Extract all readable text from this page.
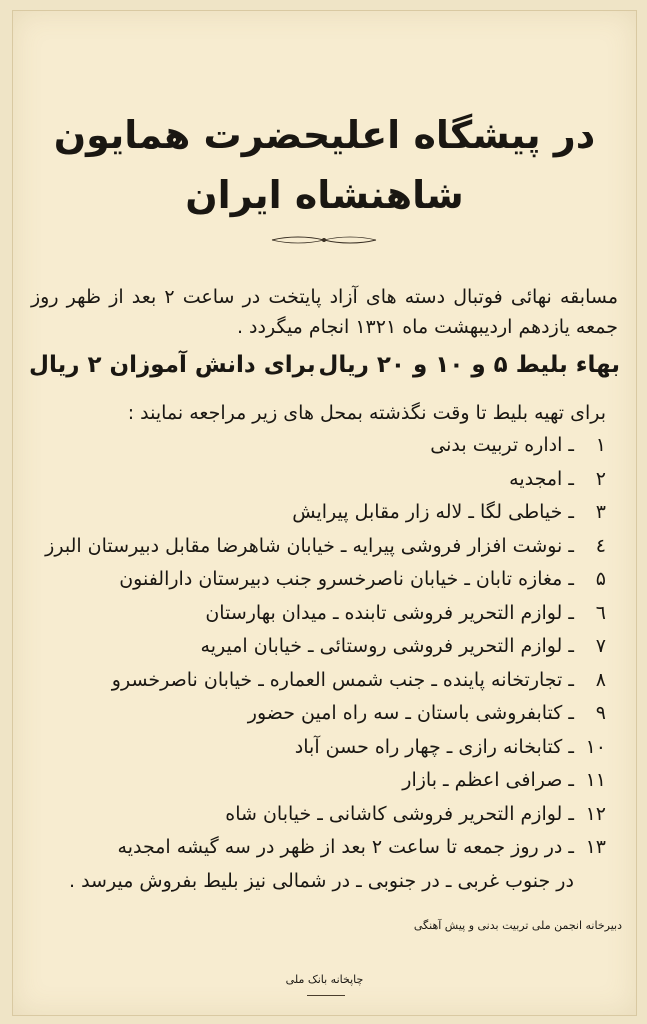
در پیشگاه اعلیحضرت همایون
شاهنشاه ایران

مسابقه نهائی فوتبال دسته های آزاد پایتخت در ساعت ۲ بعد از ظهر روز جمعه یازدهم اردیبهشت ماه ۱۳۲۱ انجام میگردد .

بهاء بلیط ۵ و ۱۰ و ۲۰ ریال
برای دانش آموزان ۲ ریال
برای تهیه بلیط تا وقت نگذشته بمحل های زیر مراجعه نمایند :
۱ ـ اداره تربیت بدنی
۲ ـ امجدیه
۳ ـ خیاطی لگا ـ لاله زار مقابل پیرایش
٤ ـ نوشت افزار فروشی پیرایه ـ خیابان شاهرضا مقابل دبیرستان البرز
۵ ـ مغازه تابان ـ خیابان ناصرخسرو جنب دبیرستان دارالفنون
٦ ـ لوازم التحریر فروشی تابنده ـ میدان بهارستان
۷ ـ لوازم التحریر فروشی روستائی ـ خیابان امیریه
۸ ـ تجارتخانه پاینده ـ جنب شمس العماره ـ خیابان ناصرخسرو
۹ ـ کتابفروشی باستان ـ سه راه امین حضور
۱۰ ـ کتابخانه رازی ـ چهار راه حسن آباد
۱۱ ـ صرافی اعظم ـ بازار
۱۲ ـ لوازم التحریر فروشی کاشانی ـ خیابان شاه
۱۳ ـ در روز جمعه تا ساعت ۲ بعد از ظهر در سه گیشه امجدیه
در جنوب غربی ـ در جنوبی ـ در شمالی نیز بلیط بفروش میرسد .
دبیرخانه انجمن ملی تربیت بدنی و پیش آهنگی
چاپخانه بانک ملی
